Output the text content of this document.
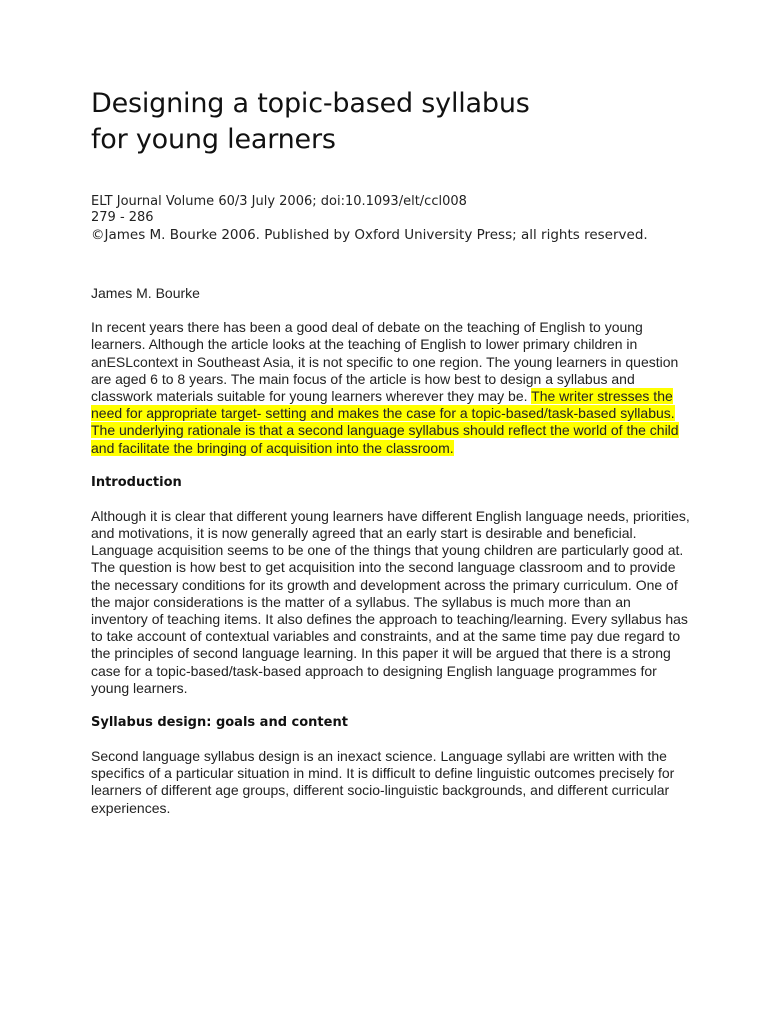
Designing a topic-based syllabus
for young learners
ELT Journal Volume 60/3 July 2006; doi:10.1093/elt/ccl008
279 - 286
©James M. Bourke 2006. Published by Oxford University Press; all rights reserved.

James M. Bourke

In recent years there has been a good deal of debate on the teaching of English to young learners. Although the article looks at the teaching of English to lower primary children in anESLcontext in Southeast Asia, it is not specific to one region. The young learners in question are aged 6 to 8 years. The main focus of the article is how best to design a syllabus and classwork materials suitable for young learners wherever they may be. The writer stresses the need for appropriate target- setting and makes the case for a topic-based/task-based syllabus. The underlying rationale is that a second language syllabus should reflect the world of the child and facilitate the bringing of acquisition into the classroom.

Introduction

Although it is clear that different young learners have different English language needs, priorities, and motivations, it is now generally agreed that an early start is desirable and beneficial. Language acquisition seems to be one of the things that young children are particularly good at. The question is how best to get acquisition into the second language classroom and to provide the necessary conditions for its growth and development across the primary curriculum. One of the major considerations is the matter of a syllabus. The syllabus is much more than an inventory of teaching items. It also defines the approach to teaching/learning. Every syllabus has to take account of contextual variables and constraints, and at the same time pay due regard to the principles of second language learning. In this paper it will be argued that there is a strong case for a topic-based/task-based approach to designing English language programmes for young learners.

Syllabus design: goals and content

Second language syllabus design is an inexact science. Language syllabi are written with the specifics of a particular situation in mind. It is difficult to define linguistic outcomes precisely for learners of different age groups, different socio-linguistic backgrounds, and different curricular experiences.
